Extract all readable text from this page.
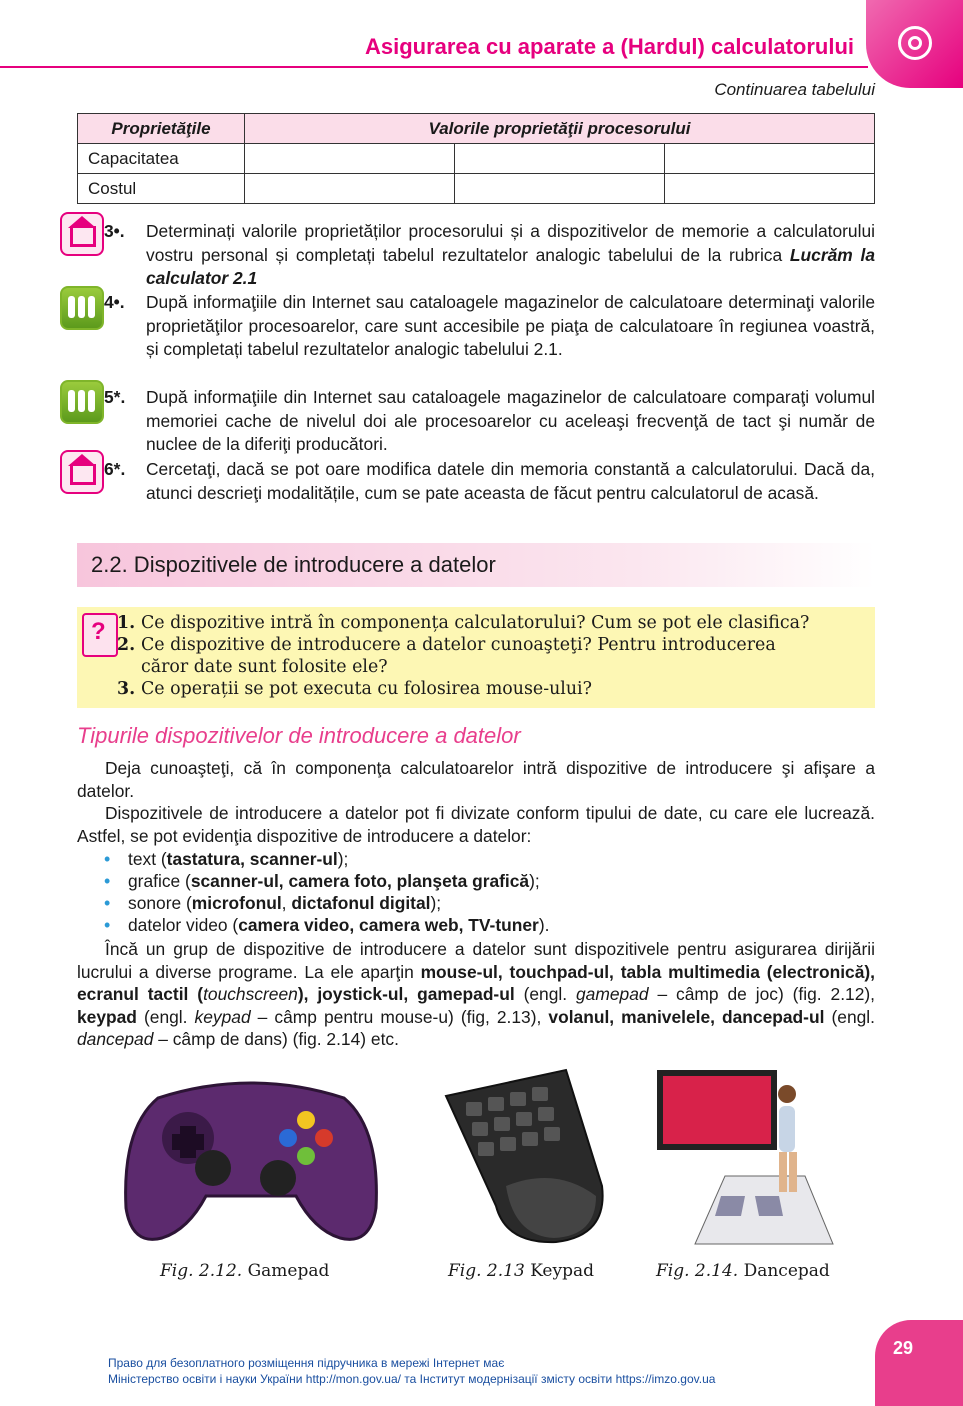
Asigurarea cu aparate a (Hardul) calculatorului
Continuarea tabelului
Proprietăţile	Valorile proprietăţii procesorului		
Capacitatea			
Costul			
3•. Determinați valorile proprietăților procesorului și a dispozitivelor de memorie a calculatorului vostru personal și completați tabelul rezultatelor analogic tabelului de la rubrica Lucrăm la calculator 2.1
4•. După informaţiile din Internet sau cataloagele magazinelor de calculatoare determinaţi valorile proprietăţilor procesoarelor, care sunt accesibile pe piaţa de calculatoare în regiunea voastră, și completați tabelul rezultatelor analogic tabelului 2.1.
5*. După informaţiile din Internet sau cataloagele magazinelor de calculatoare comparaţi volumul memoriei cache de nivelul doi ale procesoarelor cu aceleaşi frecvenţă de tact şi număr de nuclee de la diferiţi producători.
6*. Cercetaţi, dacă se pot oare modifica datele din memoria constantă a calculatorului. Dacă da, atunci descrieţi modalitățile, cum se pate aceasta de făcut pentru calculatorul de acasă.
2.2. Dispozitivele de introducere a datelor
?
1. Ce dispozitive intră în componența calculatorului? Cum se pot ele clasifica?
2. Ce dispozitive de introducere a datelor cunoaşteţi? Pentru introducerea
căror date sunt folosite ele?
3. Ce operații se pot executa cu folosirea mouse-ului?
Tipurile dispozitivelor de introducere a datelor
Deja cunoaşteţi, că în componenţa calculatoarelor intră dispozitive de introducere şi afişare a datelor.
Dispozitivele de introducere a datelor pot fi divizate conform tipului de date, cu care ele lucrează. Astfel, se pot evidenţia dispozitive de introducere a datelor:
• text (tastatura, scanner-ul);
• grafice (scanner-ul, camera foto, planşeta grafică);
• sonore (microfonul, dictafonul digital);
• datelor video (camera video, camera web, TV-tuner).
Încă un grup de dispozitive de introducere a datelor sunt dispozitivele pentru asigurarea dirijării lucrului a diverse programe. La ele aparţin mouse-ul, touchpad-ul, tabla multimedia (electronică), ecranul tactil (touchscreen), joystick-ul, gamepad-ul (engl. gamepad – câmp de joc) (fig. 2.12), keypad (engl. keypad – câmp pentru mouse-u) (fig, 2.13), volanul, manivelele, dancepad-ul (engl. dancepad – câmp de dans) (fig. 2.14) etc.
Fig. 2.12. Gamepad	Fig. 2.13 Keypad	Fig. 2.14. Dancepad
Право для безоплатного розміщення підручника в мережі Інтернет має
Міністерство освіти і науки України http://mon.gov.ua/ та Інститут модернізації змісту освіти https://imzo.gov.ua
29
